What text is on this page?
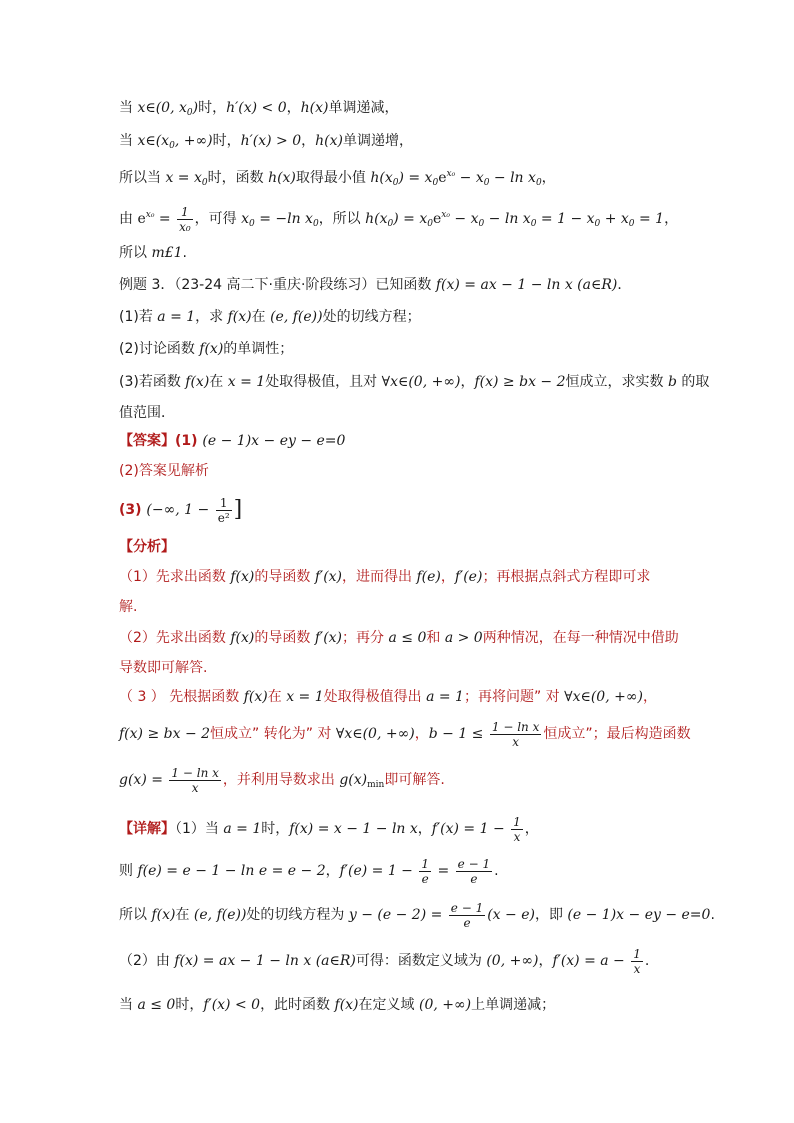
当 x∈(0, $x_0$)时，h′(x) < 0，h(x)单调递减，
当 $x\in(x_0$, +∞)时，h′(x) > 0，h(x)单调递增，
所以当 $x = x_0$时，函数 h(x)取得最小值 $h(x_0) = x_0e^{x_0} - x_0 - \ln x_0$，
由 $e^{x_0} = \frac{1}{\text{x₀}}$ ，可得 $x_0 = -\ln$ $x_0$，所以 $h(x_0) = x_0e^{x_0} - x_0 - \ln x_0 = 1 - x_0 + x_0 = 1$，
所以 m£1.
例题 3．（23-24 高二下·重庆·阶段练习）已知函数 f(x) = ax − 1 − ln x (a∈R)．
(1)若 a = 1，求 f(x)在 (e, f(e))处的切线方程；
(2)讨论函数 f(x)的单调性；
(3)若函数 f(x)在 x = 1处取得极值，且对 ∀x∈(0, +∞)，f(x) ≥ bx − 2恒成立，求实数 b 的取
值范围．
【答案】(1) (e − 1)x − ey − e=0
(2)答案见解析
(3) (−∞, $1 - \frac{1}{\text{e²}}$ ]
【分析】
（1）先求出函数 f(x)的导函数 f′(x)，进而得出 f(e)，f′(e)；再根据点斜式方程即可求
解.
（2）先求出函数 f(x)的导函数 f′(x)；再分 a ≤ 0和 a > 0两种情况，在每一种情况中借助
导数即可解答.
（ 3 ） 先根据函数 f(x)在 x = 1处取得极值得出 a = 1；再将问题” 对 ∀x∈(0, +∞)，
f(x) ≥ bx − 2恒成立” 转化为” 对 ∀x∈(0, +∞)，$b - 1 \le \frac{\text{1 − ln x}}{x}$ 恒成立”；最后构造函数
$g(x) = \frac{\text{1 − ln x}}{x}$ ，并利用导数求出 $g(x)_{min}$即可解答.
【详解】（1）当 a = 1时，f(x) = x − 1 − ln x，$f'(x) = 1 - \frac{1}{x}$ ，
则 f(e) = e − 1 − ln e = e − 2，$f'(e) = 1 - \frac{1}{e} = \frac{e - 1}{e}$ .
所以 f(x)在 (e, f(e))处的切线方程为 $y - (e - 2) = \frac{e - 1}{e} (x - e)$，即 (e − 1)x − ey − e=0.
（2）由 f(x) = ax − 1 − ln x (a∈R)可得：函数定义域为 (0, +∞)，$f'(x) = a - \frac{1}{x}$ .
当 a ≤ 0时，f′(x) < 0，此时函数 f(x)在定义域 (0, +∞)上单调递减；
